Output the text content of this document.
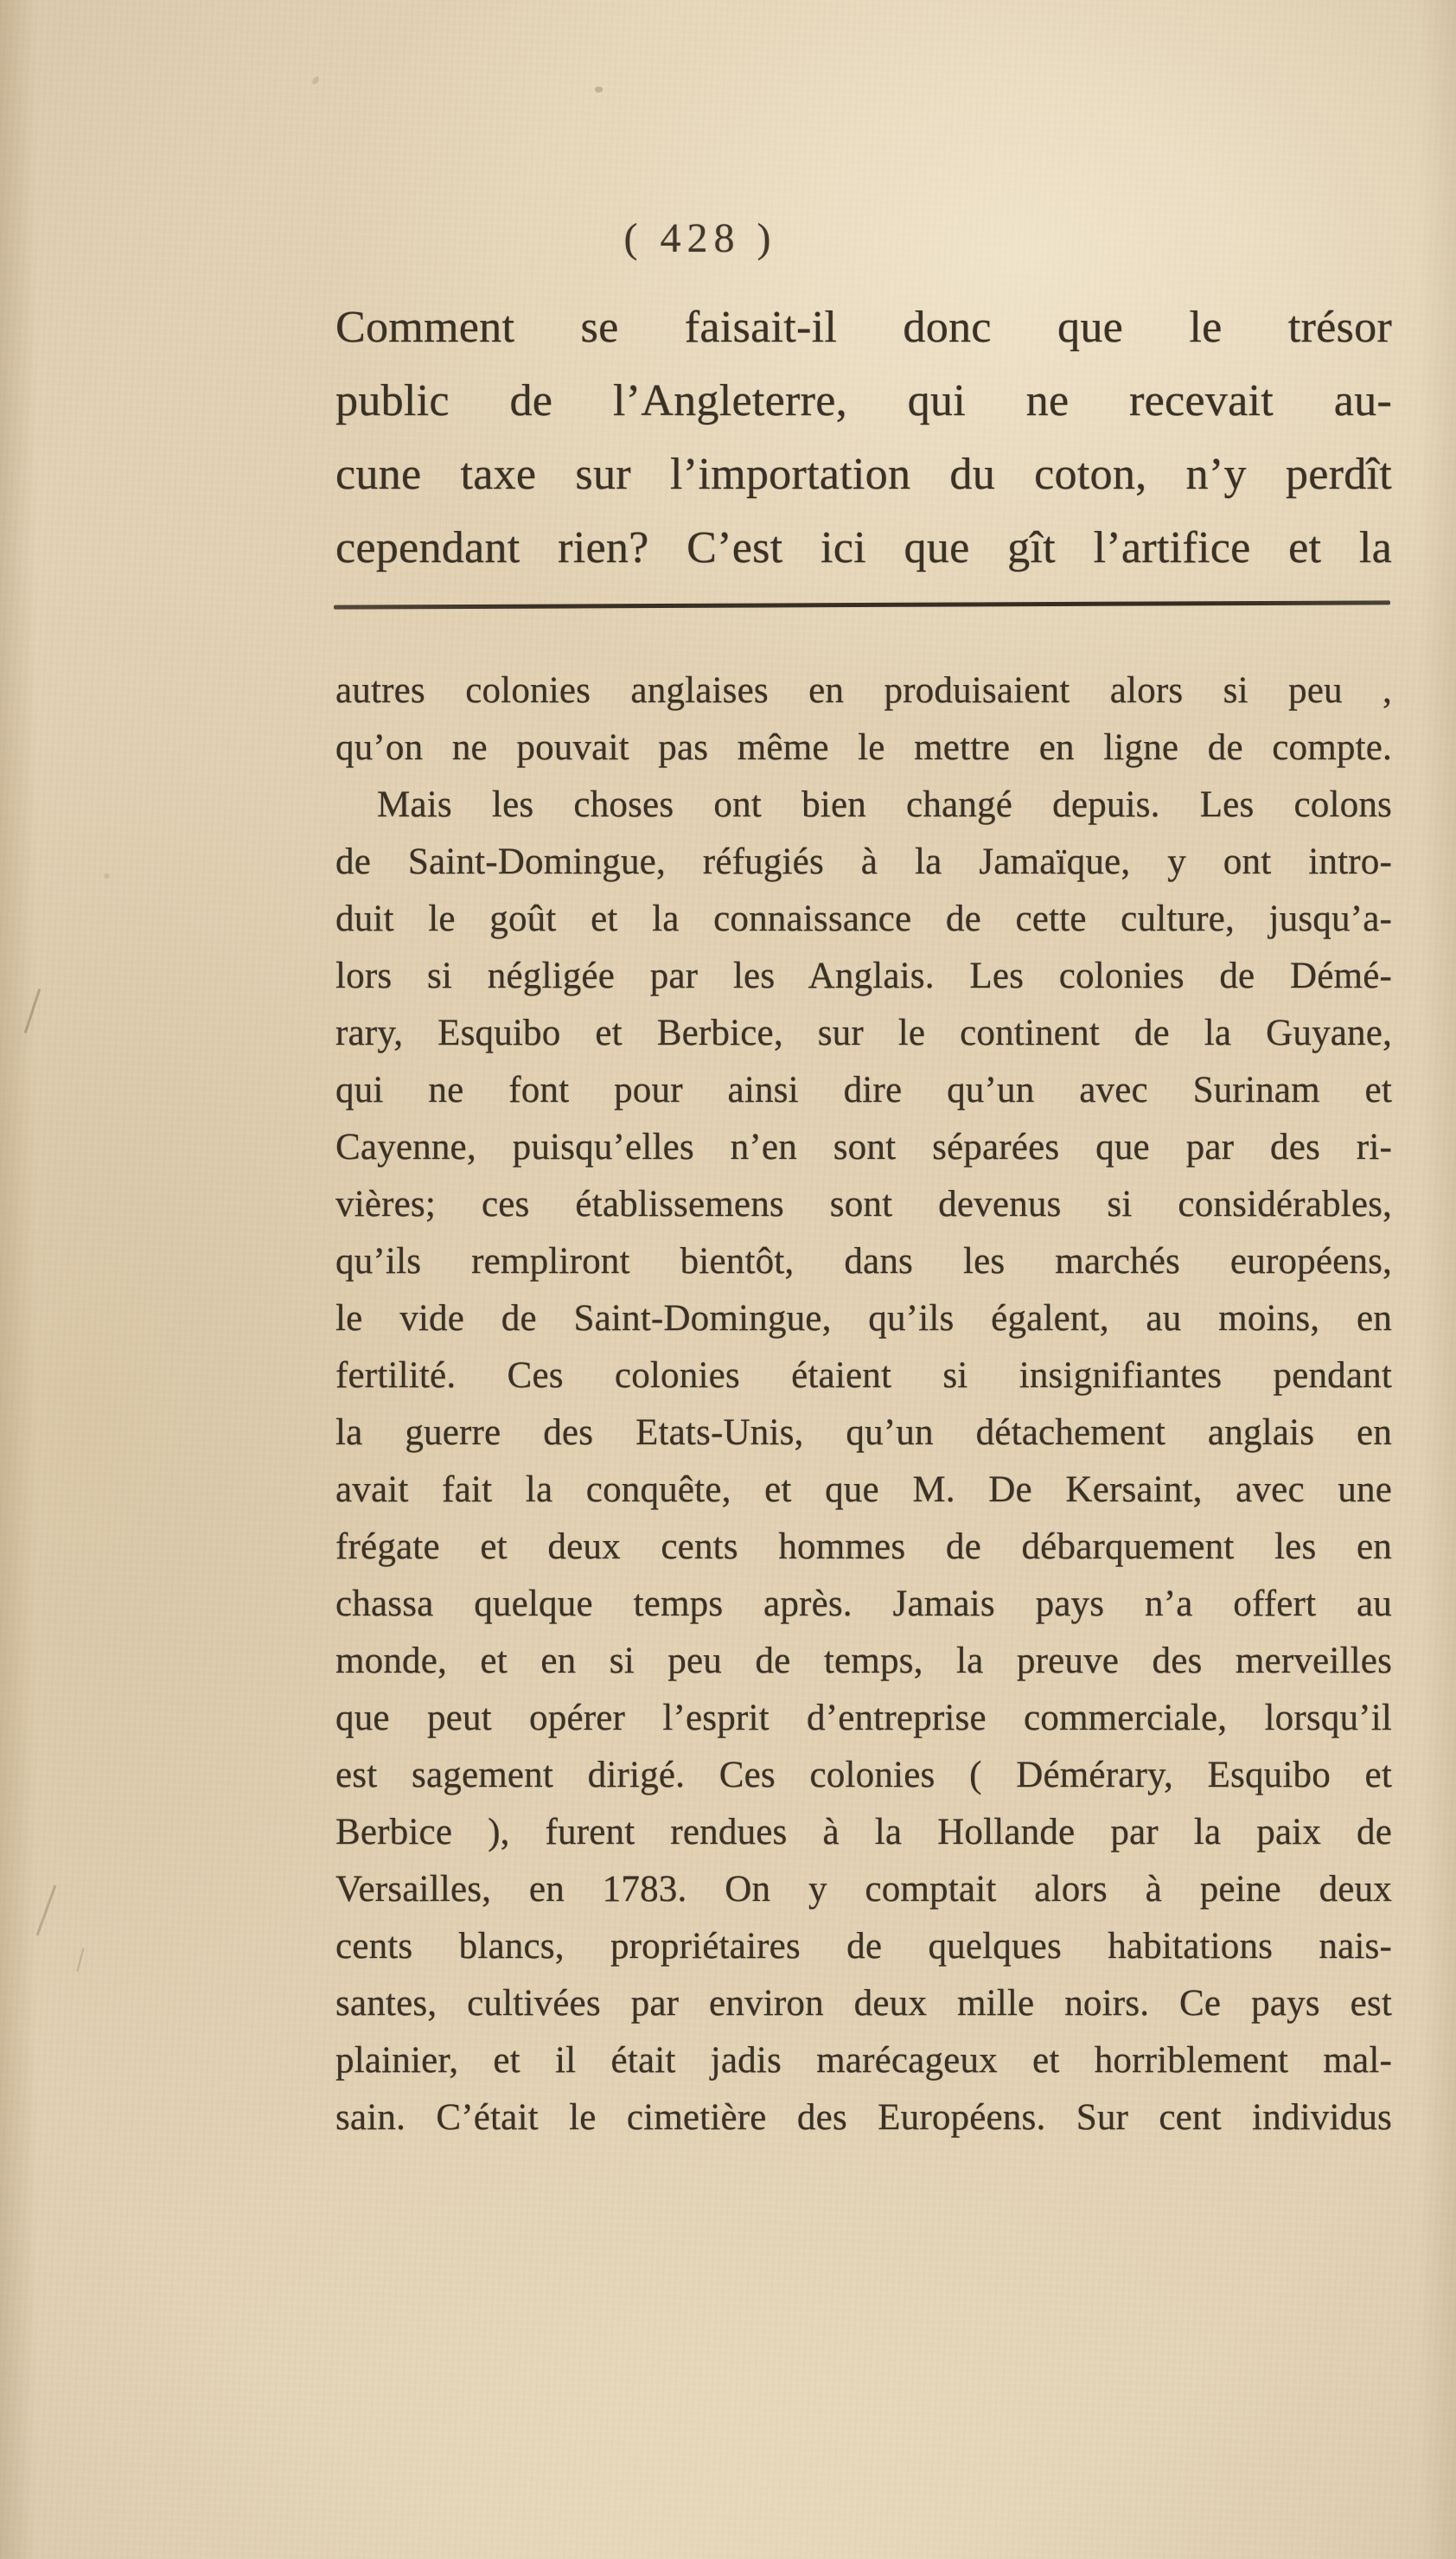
( 428 )
Comment se faisait-il donc que le trésor
public de l’Angleterre, qui ne recevait au-
cune taxe sur l’importation du coton, n’y perdît
cependant rien? C’est ici que gît l’artifice et la
autres colonies anglaises en produisaient alors si peu ,
qu’on ne pouvait pas même le mettre en ligne de compte.
Mais les choses ont bien changé depuis. Les colons
de Saint-Domingue, réfugiés à la Jamaïque, y ont intro-
duit le goût et la connaissance de cette culture, jusqu’a-
lors si négligée par les Anglais. Les colonies de Démé-
rary, Esquibo et Berbice, sur le continent de la Guyane,
qui ne font pour ainsi dire qu’un avec Surinam et
Cayenne, puisqu’elles n’en sont séparées que par des ri-
vières; ces établissemens sont devenus si considérables,
qu’ils rempliront bientôt, dans les marchés européens,
le vide de Saint-Domingue, qu’ils égalent, au moins, en
fertilité. Ces colonies étaient si insignifiantes pendant
la guerre des Etats-Unis, qu’un détachement anglais en
avait fait la conquête, et que M. De Kersaint, avec une
frégate et deux cents hommes de débarquement les en
chassa quelque temps après. Jamais pays n’a offert au
monde, et en si peu de temps, la preuve des merveilles
que peut opérer l’esprit d’entreprise commerciale, lorsqu’il
est sagement dirigé. Ces colonies ( Démérary, Esquibo et
Berbice ), furent rendues à la Hollande par la paix de
Versailles, en 1783. On y comptait alors à peine deux
cents blancs, propriétaires de quelques habitations nais-
santes, cultivées par environ deux mille noirs. Ce pays est
plainier, et il était jadis marécageux et horriblement mal-
sain. C’était le cimetière des Européens. Sur cent individus
